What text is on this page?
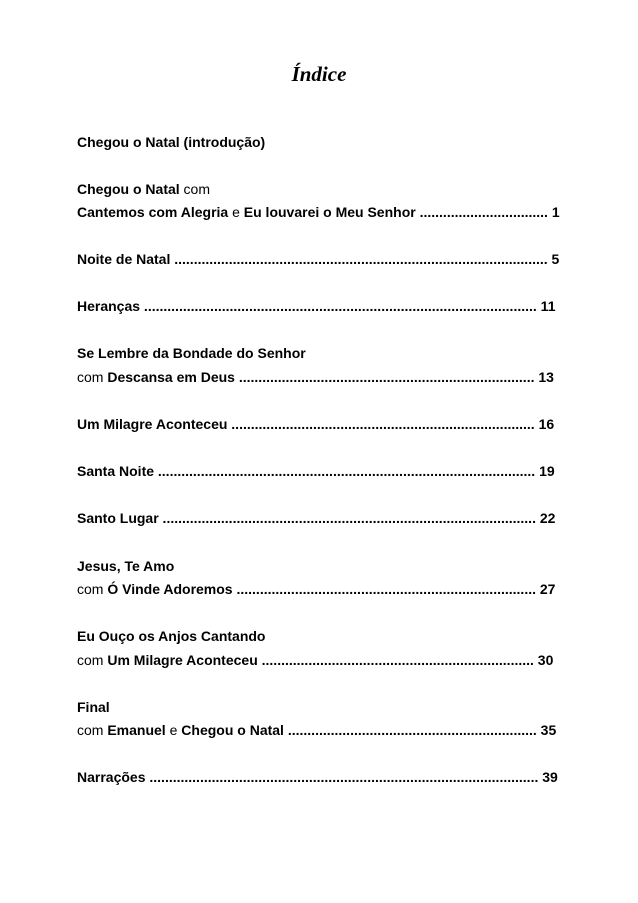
Índice
Chegou o Natal (introdução)
Chegou o Natal com
Cantemos com Alegria e Eu louvarei o Meu Senhor ................................. 1
Noite de Natal ................................................................................................ 5
Heranças ..................................................................................................... 11
Se Lembre da Bondade do Senhor
com Descansa em Deus ............................................................................ 13
Um Milagre Aconteceu .............................................................................. 16
Santa Noite ................................................................................................. 19
Santo Lugar ................................................................................................ 22
Jesus, Te Amo
com Ó Vinde Adoremos ............................................................................. 27
Eu Ouço os Anjos Cantando
com Um Milagre Aconteceu ...................................................................... 30
Final
com Emanuel e Chegou o Natal ................................................................ 35
Narrações .................................................................................................... 39
